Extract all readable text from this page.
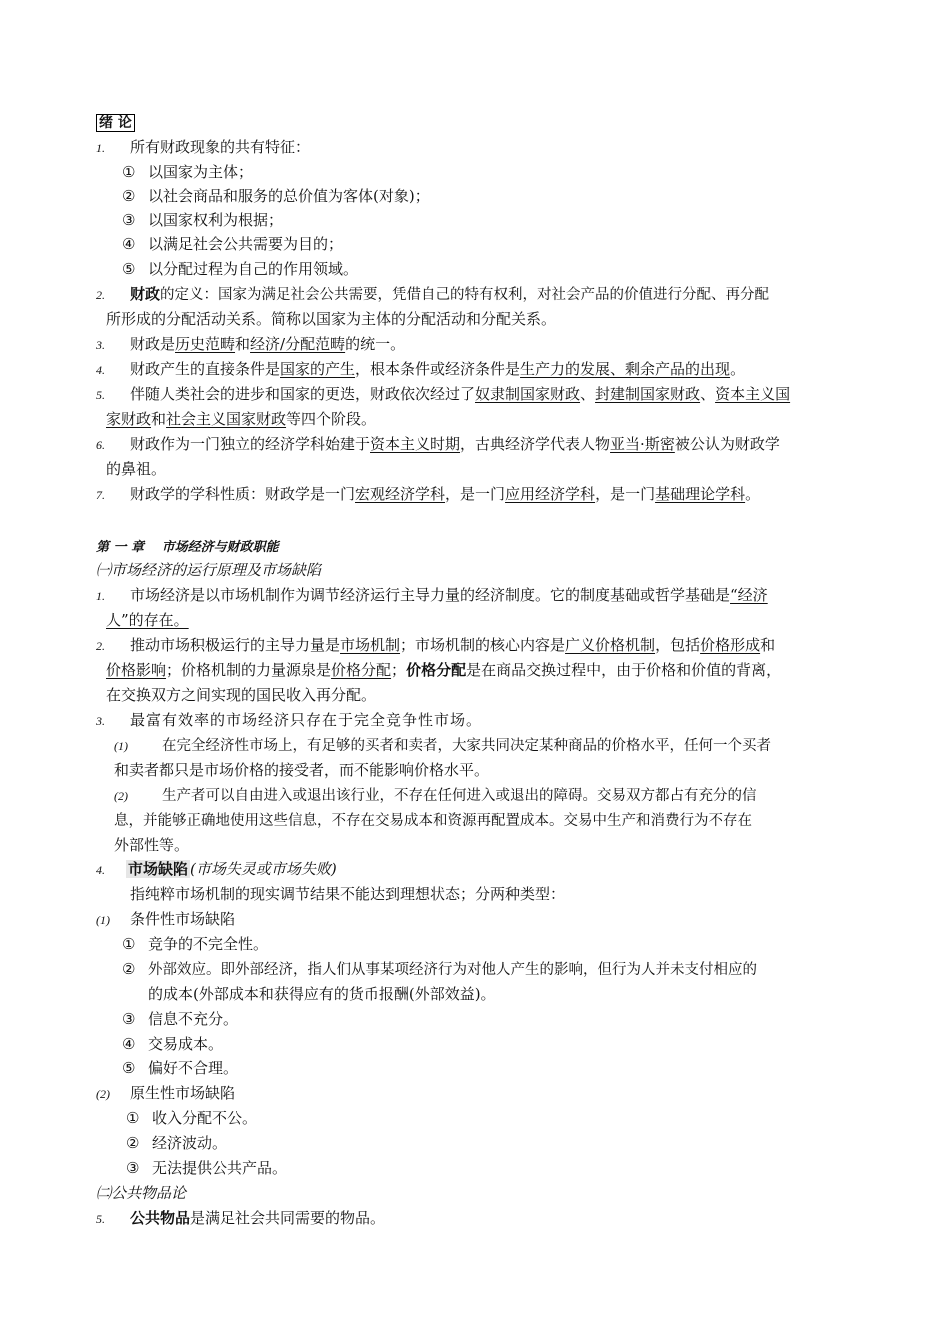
绪 论
1. 所有财政现象的共有特征：
① 以国家为主体；
② 以社会商品和服务的总价值为客体(对象)；
③ 以国家权利为根据；
④ 以满足社会公共需要为目的；
⑤ 以分配过程为自己的作用领域。
2. 财政的定义：国家为满足社会公共需要，凭借自己的特有权利，对社会产品的价值进行分配、再分配
所形成的分配活动关系。简称以国家为主体的分配活动和分配关系。
3. 财政是历史范畴和经济/分配范畴的统一。
4. 财政产生的直接条件是国家的产生，根本条件或经济条件是生产力的发展、剩余产品的出现。
5. 伴随人类社会的进步和国家的更迭，财政依次经过了奴隶制国家财政、封建制国家财政、资本主义国
家财政和社会主义国家财政等四个阶段。
6. 财政作为一门独立的经济学科始建于资本主义时期，古典经济学代表人物亚当·斯密被公认为财政学
的鼻祖。
7. 财政学的学科性质：财政学是一门宏观经济学科，是一门应用经济学科，是一门基础理论学科。
第 一 章　 市场经济与财政职能
㈠市场经济的运行原理及市场缺陷
1. 市场经济是以市场机制作为调节经济运行主导力量的经济制度。它的制度基础或哲学基础是“经济
人”的存在。
2. 推动市场积极运行的主导力量是市场机制；市场机制的核心内容是广义价格机制，包括价格形成和
价格影响；价格机制的力量源泉是价格分配；价格分配是在商品交换过程中，由于价格和价值的背离，
在交换双方之间实现的国民收入再分配。
3. 最富有效率的市场经济只存在于完全竞争性市场。
(1) 在完全经济性市场上，有足够的买者和卖者，大家共同决定某种商品的价格水平，任何一个买者
和卖者都只是市场价格的接受者，而不能影响价格水平。
(2) 生产者可以自由进入或退出该行业，不存在任何进入或退出的障碍。交易双方都占有充分的信
息，并能够正确地使用这些信息，不存在交易成本和资源再配置成本。交易中生产和消费行为不存在
外部性等。
4. 市场缺陷 (市场失灵或市场失败)
指纯粹市场机制的现实调节结果不能达到理想状态；分两种类型：
(1) 条件性市场缺陷
① 竞争的不完全性。
② 外部效应。即外部经济，指人们从事某项经济行为对他人产生的影响，但行为人并未支付相应的
的成本(外部成本和获得应有的货币报酬(外部效益)。
③ 信息不充分。
④ 交易成本。
⑤ 偏好不合理。
(2) 原生性市场缺陷
① 收入分配不公。
② 经济波动。
③ 无法提供公共产品。
㈡公共物品论
5. 公共物品是满足社会共同需要的物品。
